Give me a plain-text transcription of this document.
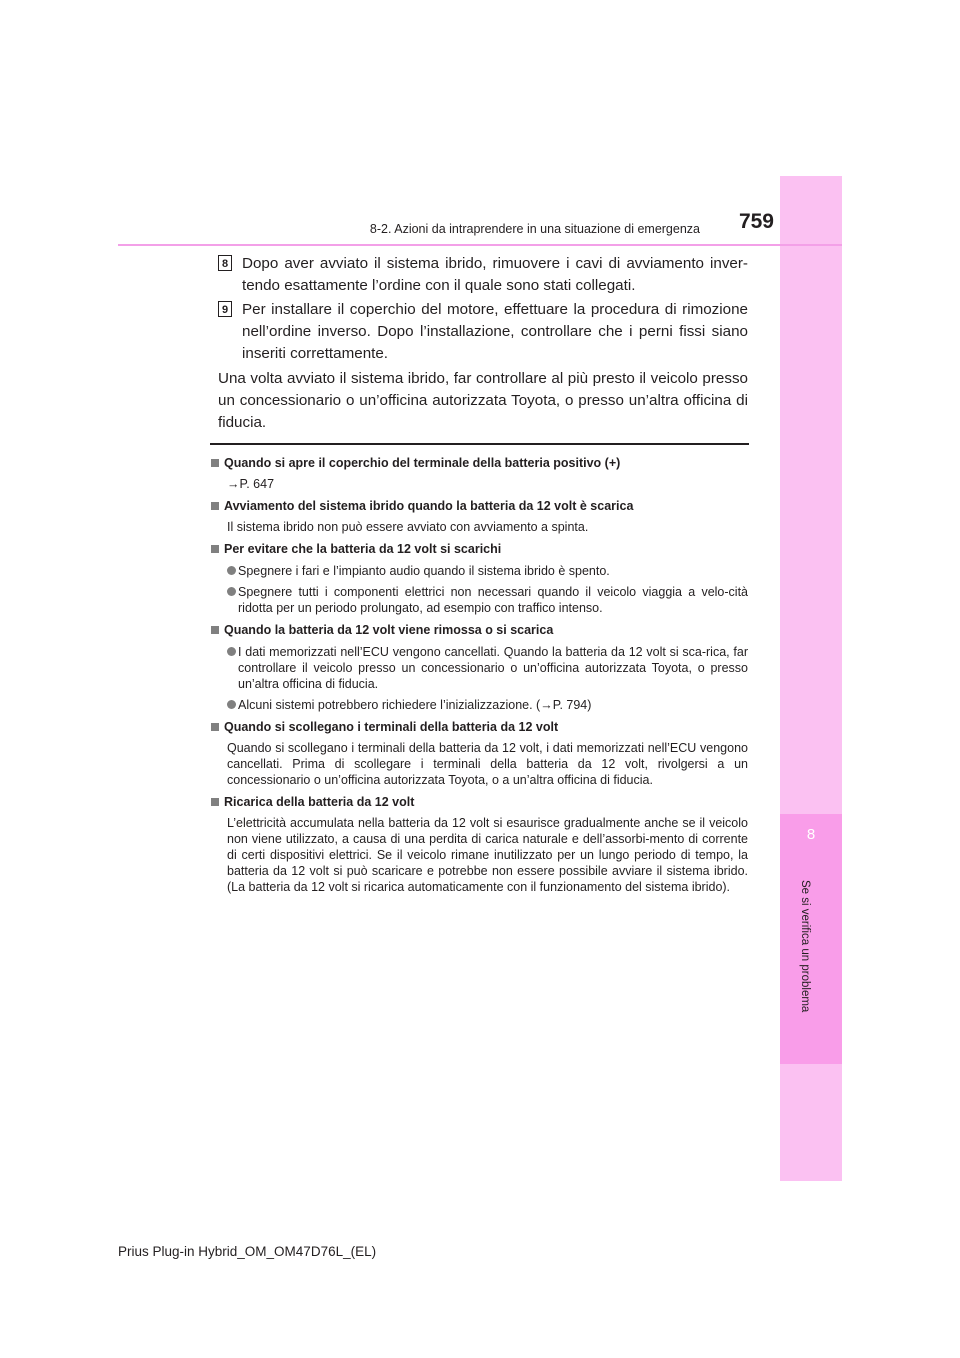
8
Se si verifica un problema
8-2. Azioni da intraprendere in una situazione di emergenza	759
8 Dopo aver avviato il sistema ibrido, rimuovere i cavi di avviamento inver-tendo esattamente l’ordine con il quale sono stati collegati.
9 Per installare il coperchio del motore, effettuare la procedura di rimozione nell’ordine inverso. Dopo l’installazione, controllare che i perni fissi siano inseriti correttamente.
Una volta avviato il sistema ibrido, far controllare al più presto il veicolo presso un concessionario o un’officina autorizzata Toyota, o presso un’altra officina di fiducia.
Quando si apre il coperchio del terminale della batteria positivo (+)
→P. 647
Avviamento del sistema ibrido quando la batteria da 12 volt è scarica
Il sistema ibrido non può essere avviato con avviamento a spinta.
Per evitare che la batteria da 12 volt si scarichi
Spegnere i fari e l’impianto audio quando il sistema ibrido è spento.
Spegnere tutti i componenti elettrici non necessari quando il veicolo viaggia a velo-cità ridotta per un periodo prolungato, ad esempio con traffico intenso.
Quando la batteria da 12 volt viene rimossa o si scarica
I dati memorizzati nell’ECU vengono cancellati. Quando la batteria da 12 volt si sca-rica, far controllare il veicolo presso un concessionario o un’officina autorizzata Toyota, o presso un’altra officina di fiducia.
Alcuni sistemi potrebbero richiedere l’inizializzazione. (→P. 794)
Quando si scollegano i terminali della batteria da 12 volt
Quando si scollegano i terminali della batteria da 12 volt, i dati memorizzati nell’ECU vengono cancellati. Prima di scollegare i terminali della batteria da 12 volt, rivolgersi a un concessionario o un’officina autorizzata Toyota, o a un’altra officina di fiducia.
Ricarica della batteria da 12 volt
L’elettricità accumulata nella batteria da 12 volt si esaurisce gradualmente anche se il veicolo non viene utilizzato, a causa di una perdita di carica naturale e dell’assorbi-mento di corrente di certi dispositivi elettrici. Se il veicolo rimane inutilizzato per un lungo periodo di tempo, la batteria da 12 volt si può scaricare e potrebbe non essere possibile avviare il sistema ibrido. (La batteria da 12 volt si ricarica automaticamente con il funzionamento del sistema ibrido).
Prius Plug-in Hybrid_OM_OM47D76L_(EL)
